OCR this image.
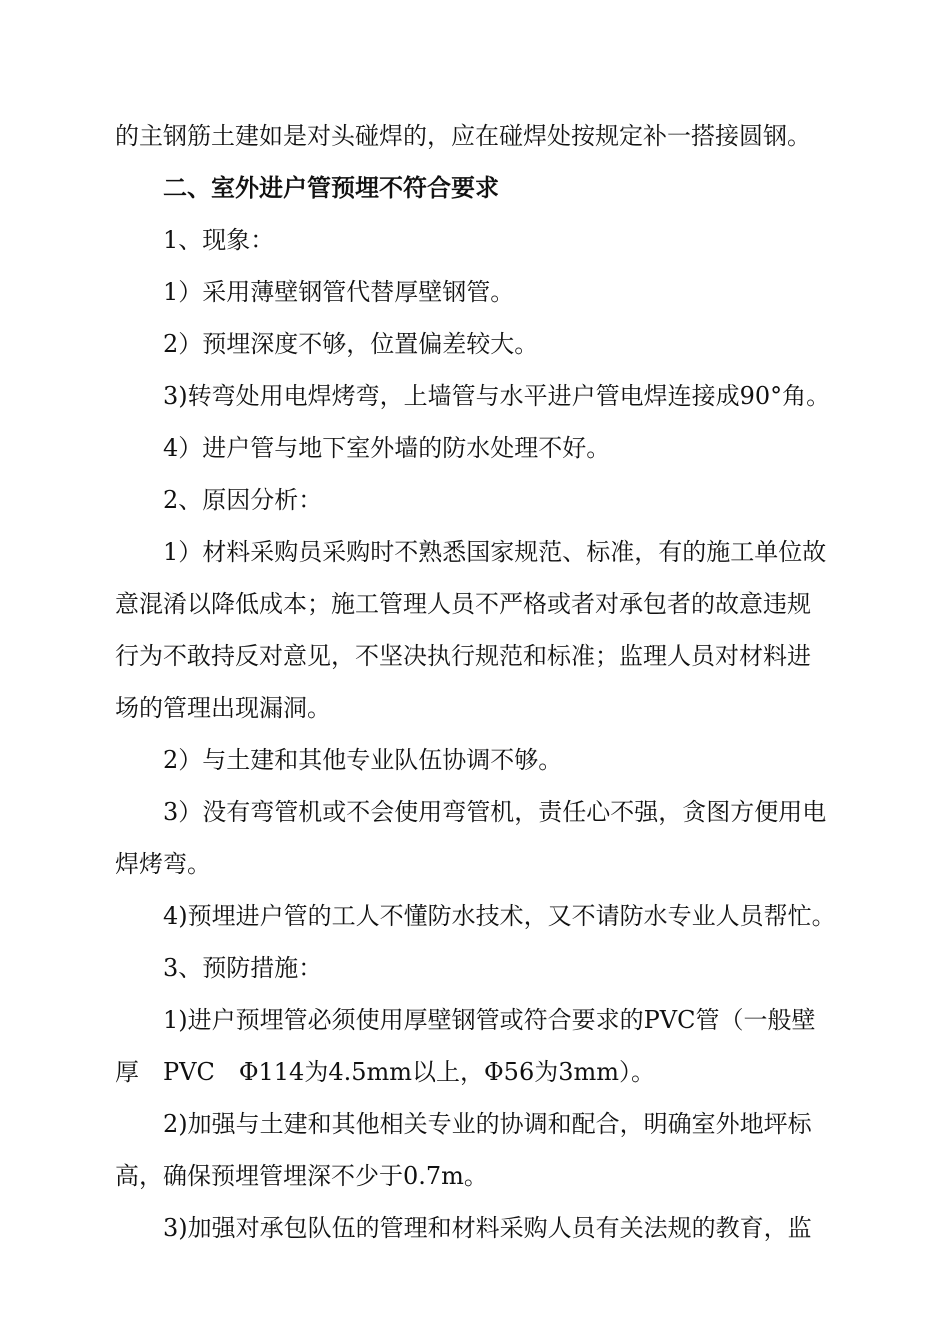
的主钢筋土建如是对头碰焊的，应在碰焊处按规定补一搭接圆钢。

二、室外进户管预埋不符合要求

1、现象：

1）采用薄壁钢管代替厚壁钢管。

2）预埋深度不够，位置偏差较大。

3)转弯处用电焊烤弯，上墙管与水平进户管电焊连接成90°角。

4）进户管与地下室外墙的防水处理不好。

2、原因分析：

1）材料采购员采购时不熟悉国家规范、标准，有的施工单位故

意混淆以降低成本；施工管理人员不严格或者对承包者的故意违规

行为不敢持反对意见，不坚决执行规范和标准；监理人员对材料进

场的管理出现漏洞。

2）与土建和其他专业队伍协调不够。

3）没有弯管机或不会使用弯管机，责任心不强，贪图方便用电

焊烤弯。

4)预埋进户管的工人不懂防水技术，又不请防水专业人员帮忙。

3、预防措施：

1)进户预埋管必须使用厚壁钢管或符合要求的PVC管（一般壁

厚　PVC　Φ114为4.5mm以上，Φ56为3mm）。

2)加强与土建和其他相关专业的协调和配合，明确室外地坪标

高，确保预埋管埋深不少于0.7m。

3)加强对承包队伍的管理和材料采购人员有关法规的教育，监
